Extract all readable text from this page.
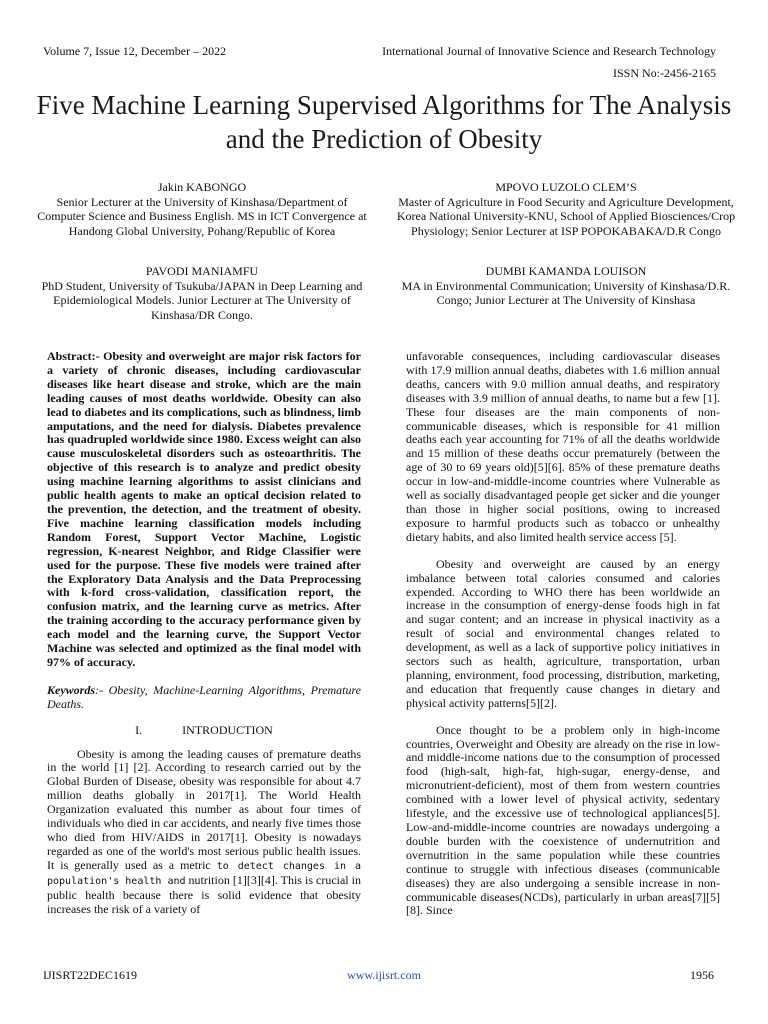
Volume 7, Issue 12, December – 2022	International Journal of Innovative Science and Research Technology
ISSN No:-2456-2165
Five Machine Learning Supervised Algorithms for The Analysis and the Prediction of Obesity
Jakin KABONGO
Senior Lecturer at the University of Kinshasa/Department of Computer Science and Business English. MS in ICT Convergence at Handong Global University, Pohang/Republic of Korea
MPOVO LUZOLO CLEM’S
Master of Agriculture in Food Security and Agriculture Development, Korea National University-KNU, School of Applied Biosciences/Crop Physiology; Senior Lecturer at ISP POPOKABAKA/D.R Congo
PAVODI MANIAMFU
PhD Student, University of Tsukuba/JAPAN in Deep Learning and Epidemiological Models. Junior Lecturer at The University of Kinshasa/DR Congo.
DUMBI KAMANDA LOUISON
MA in Environmental Communication; University of Kinshasa/D.R. Congo; Junior Lecturer at The University of Kinshasa

Abstract:- Obesity and overweight are major risk factors for a variety of chronic diseases, including cardiovascular diseases like heart disease and stroke, which are the main leading causes of most deaths worldwide. Obesity can also lead to diabetes and its complications, such as blindness, limb amputations, and the need for dialysis. Diabetes prevalence has quadrupled worldwide since 1980. Excess weight can also cause musculoskeletal disorders such as osteoarthritis. The objective of this research is to analyze and predict obesity using machine learning algorithms to assist clinicians and public health agents to make an optical decision related to the prevention, the detection, and the treatment of obesity. Five machine learning classification models including Random Forest, Support Vector Machine, Logistic regression, K-nearest Neighbor, and Ridge Classifier were used for the purpose. These five models were trained after the Exploratory Data Analysis and the Data Preprocessing with k-ford cross-validation, classification report, the confusion matrix, and the learning curve as metrics. After the training according to the accuracy performance given by each model and the learning curve, the Support Vector Machine was selected and optimized as the final model with 97% of accuracy.

Keywords:- Obesity, Machine-Learning Algorithms, Premature Deaths.

I.	INTRODUCTION

Obesity is among the leading causes of premature deaths in the world [1] [2]. According to research carried out by the Global Burden of Disease, obesity was responsible for about 4.7 million deaths globally in 2017[1]. The World Health Organization evaluated this number as about four times of individuals who died in car accidents, and nearly five times those who died from HIV/AIDS in 2017[1]. Obesity is nowadays regarded as one of the world's most serious public health issues. It is generally used as a metric to detect changes in a population's health and nutrition [1][3][4]. This is crucial in public health because there is solid evidence that obesity increases the risk of a variety of

unfavorable consequences, including cardiovascular diseases with 17.9 million annual deaths, diabetes with 1.6 million annual deaths, cancers with 9.0 million annual deaths, and respiratory diseases with 3.9 million of annual deaths, to name but a few [1]. These four diseases are the main components of non-communicable diseases, which is responsible for 41 million deaths each year accounting for 71% of all the deaths worldwide and 15 million of these deaths occur prematurely (between the age of 30 to 69 years old)[5][6]. 85% of these premature deaths occur in low-and-middle-income countries where Vulnerable as well as socially disadvantaged people get sicker and die younger than those in higher social positions, owing to increased exposure to harmful products such as tobacco or unhealthy dietary habits, and also limited health service access [5].

Obesity and overweight are caused by an energy imbalance between total calories consumed and calories expended. According to WHO there has been worldwide an increase in the consumption of energy-dense foods high in fat and sugar content; and an increase in physical inactivity as a result of social and environmental changes related to development, as well as a lack of supportive policy initiatives in sectors such as health, agriculture, transportation, urban planning, environment, food processing, distribution, marketing, and education that frequently cause changes in dietary and physical activity patterns[5][2].

Once thought to be a problem only in high-income countries, Overweight and Obesity are already on the rise in low- and middle-income nations due to the consumption of processed food (high-salt, high-fat, high-sugar, energy-dense, and micronutrient-deficient), most of them from western countries combined with a lower level of physical activity, sedentary lifestyle, and the excessive use of technological appliances[5]. Low-and-middle-income countries are nowadays undergoing a double burden with the coexistence of undernutrition and overnutrition in the same population while these countries continue to struggle with infectious diseases (communicable diseases) they are also undergoing a sensible increase in non-communicable diseases(NCDs), particularly in urban areas[7][5][8]. Since

IJISRT22DEC1619	www.ijisrt.com	1956
